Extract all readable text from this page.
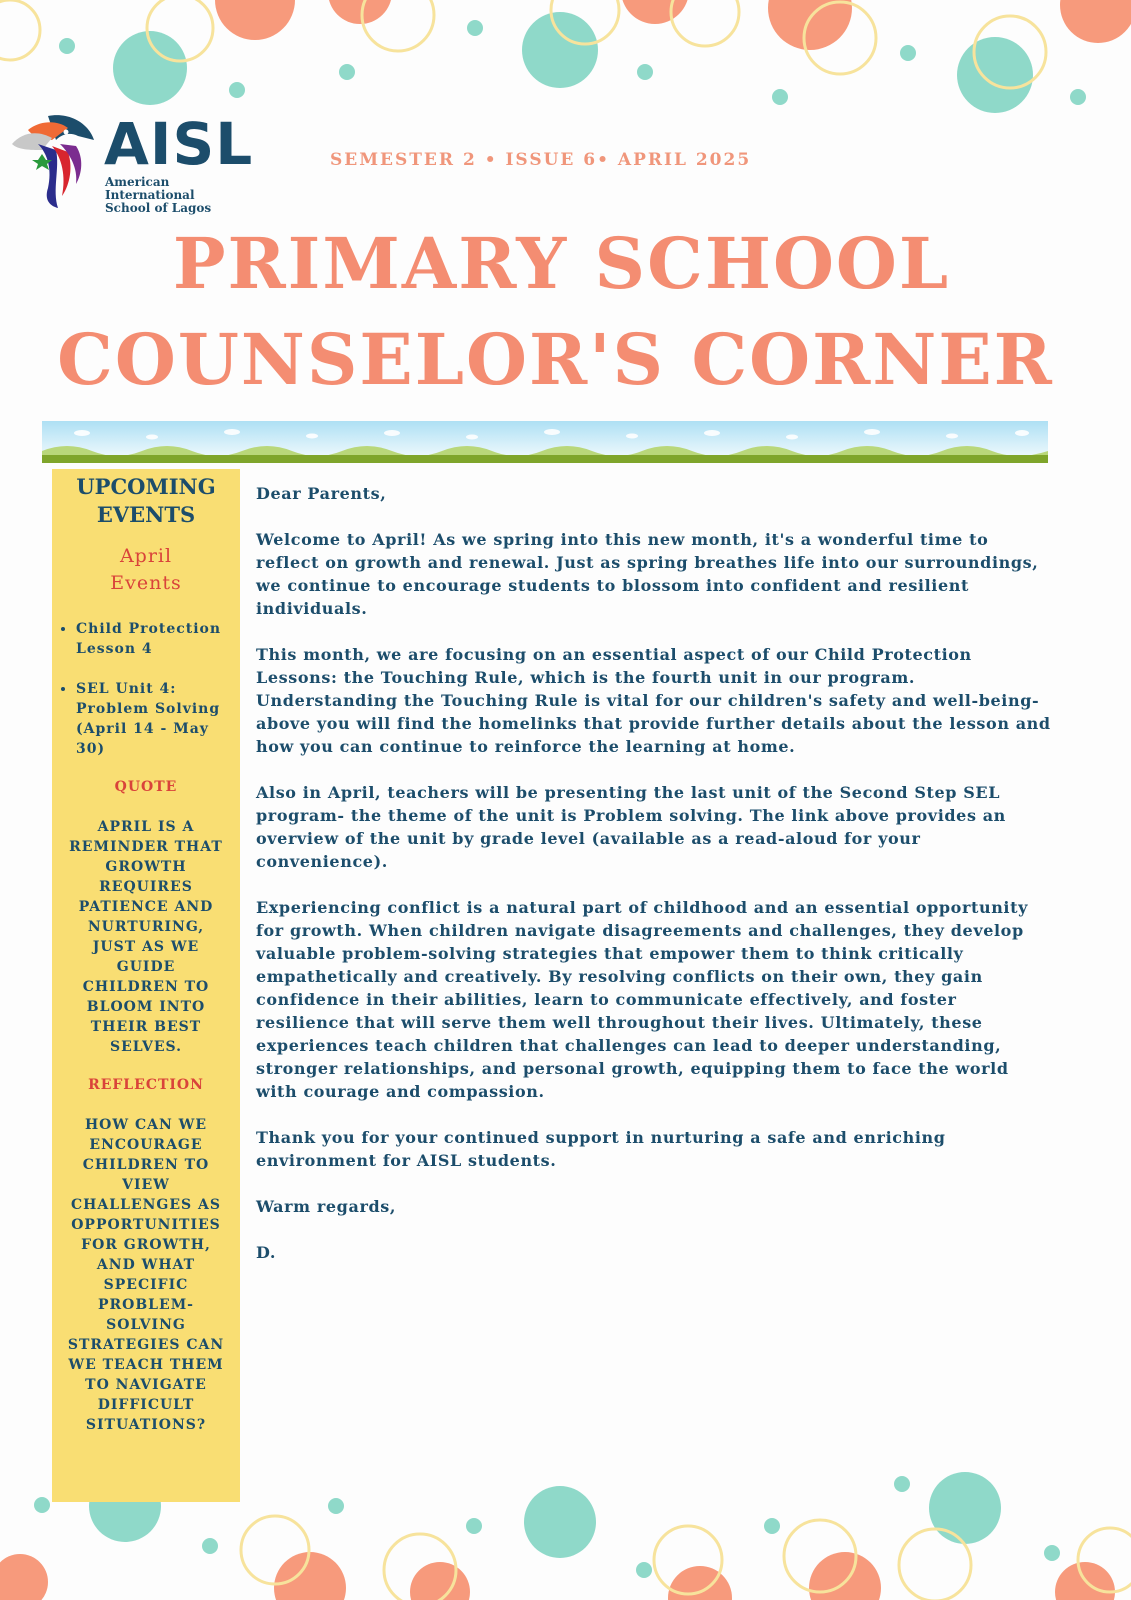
AISL
American International
School of Lagos
SEMESTER 2 • ISSUE 6• APRIL 2025
PRIMARY SCHOOL
COUNSELOR'S CORNER
UPCOMING
EVENTS
April
Events
• Child Protection Lesson 4
• SEL Unit 4: Problem Solving (April 14 - May 30)
QUOTE
APRIL IS A REMINDER THAT GROWTH REQUIRES PATIENCE AND NURTURING, JUST AS WE GUIDE CHILDREN TO BLOOM INTO THEIR BEST SELVES.
REFLECTION
HOW CAN WE ENCOURAGE CHILDREN TO VIEW CHALLENGES AS OPPORTUNITIES FOR GROWTH, AND WHAT SPECIFIC PROBLEM-SOLVING STRATEGIES CAN WE TEACH THEM TO NAVIGATE DIFFICULT SITUATIONS?

Dear Parents,

Welcome to April! As we spring into this new month, it's a wonderful time to reflect on growth and renewal. Just as spring breathes life into our surroundings, we continue to encourage students to blossom into confident and resilient individuals.

This month, we are focusing on an essential aspect of our Child Protection Lessons: the Touching Rule, which is the fourth unit in our program. Understanding the Touching Rule is vital for our children's safety and well-being- above you will find the homelinks that provide further details about the lesson and how you can continue to reinforce the learning at home.

Also in April, teachers will be presenting the last unit of the Second Step SEL program- the theme of the unit is Problem solving. The link above provides an overview of the unit by grade level (available as a read-aloud for your convenience).

Experiencing conflict is a natural part of childhood and an essential opportunity for growth. When children navigate disagreements and challenges, they develop valuable problem-solving strategies that empower them to think critically empathetically and creatively. By resolving conflicts on their own, they gain confidence in their abilities, learn to communicate effectively, and foster resilience that will serve them well throughout their lives. Ultimately, these experiences teach children that challenges can lead to deeper understanding, stronger relationships, and personal growth, equipping them to face the world with courage and compassion.

Thank you for your continued support in nurturing a safe and enriching environment for AISL students.

Warm regards,

D.
